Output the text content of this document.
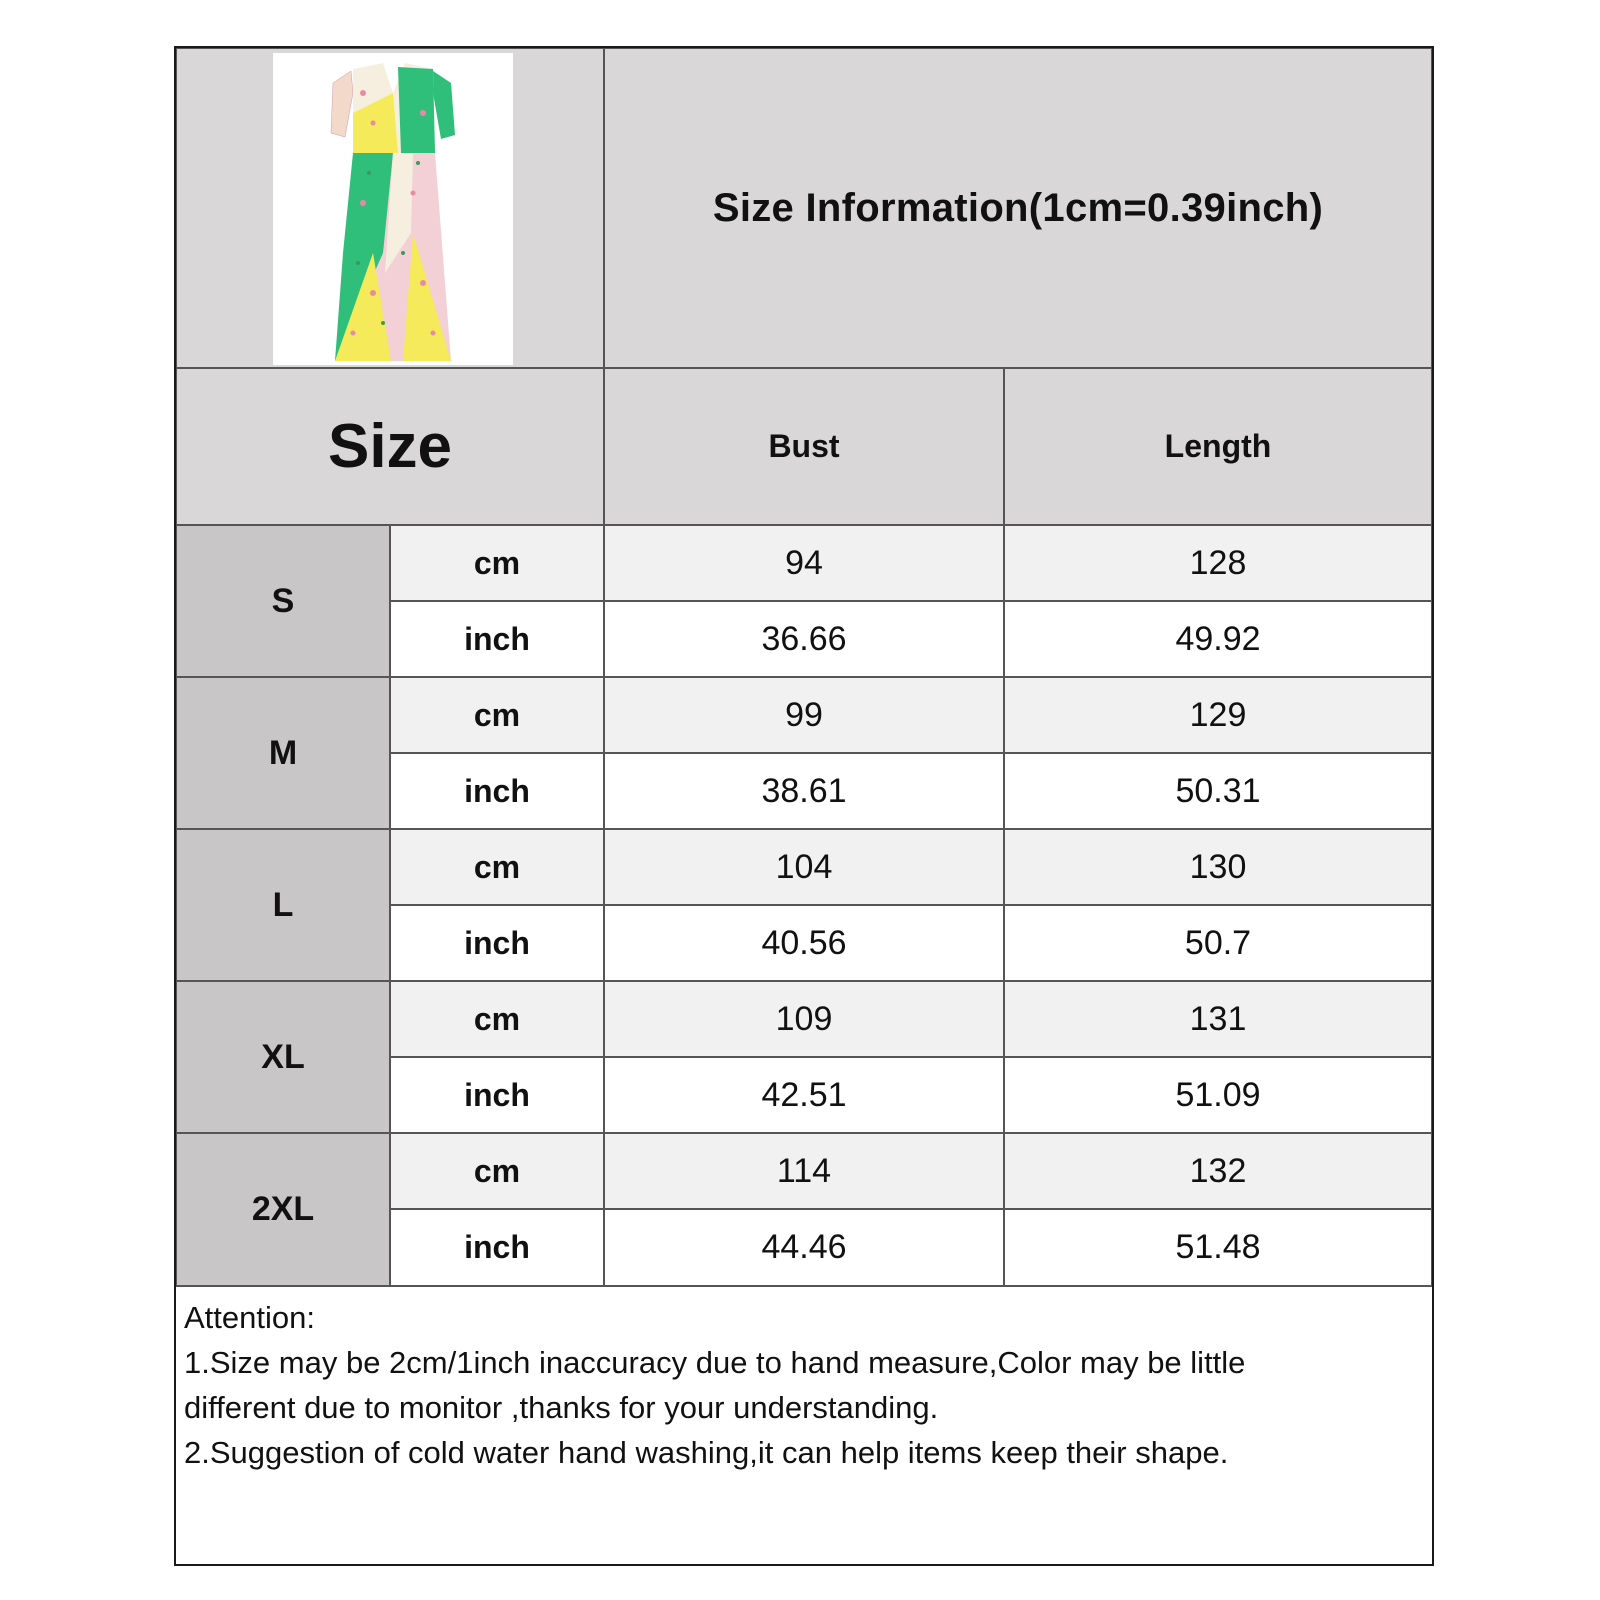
Size Information(1cm=0.39inch)
Size	Bust	Length
S
cm	94	128
inch	36.66	49.92
M
cm	99	129
inch	38.61	50.31
L
cm	104	130
inch	40.56	50.7
XL
cm	109	131
inch	42.51	51.09
2XL
cm	114	132
inch	44.46	51.48
Attention:
1.Size may be 2cm/1inch inaccuracy due to hand measure,Color may be little
different due to monitor ,thanks for your understanding.
2.Suggestion of cold water hand washing,it can help items keep their shape.
